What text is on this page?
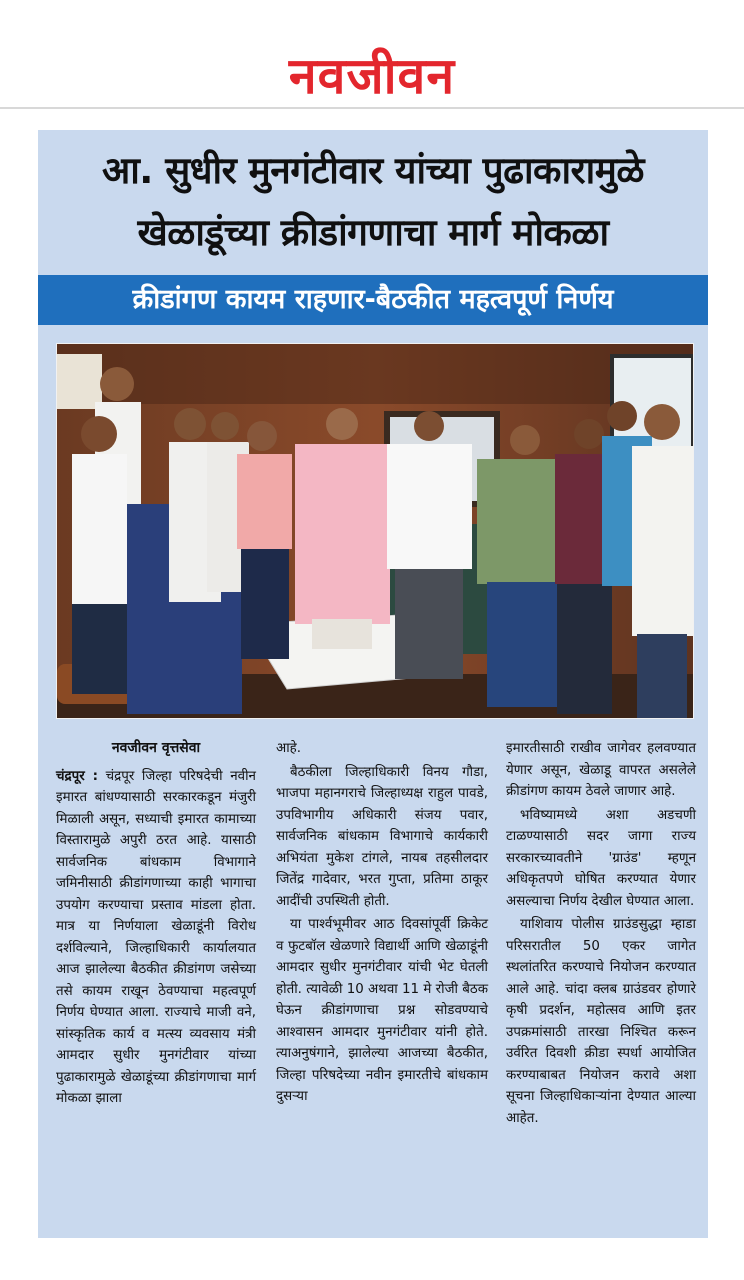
नवजीवन
आ. सुधीर मुनगंटीवार यांच्या पुढाकारामुळे
खेळाडूंच्या क्रीडांगणाचा मार्ग मोकळा
क्रीडांगण कायम राहणार-बैठकीत महत्वपूर्ण निर्णय
नवजीवन वृत्तसेवा

चंद्रपूर : चंद्रपूर जिल्हा परिषदेची नवीन इमारत बांधण्यासाठी सरकारकडून मंजुरी मिळाली असून, सध्याची इमारत कामाच्या विस्तारामुळे अपुरी ठरत आहे. यासाठी सार्वजनिक बांधकाम विभागाने जमिनीसाठी क्रीडांगणाच्या काही भागाचा उपयोग करण्याचा प्रस्ताव मांडला होता. मात्र या निर्णयाला खेळाडूंनी विरोध दर्शविल्याने, जिल्हाधिकारी कार्यालयात आज झालेल्या बैठकीत क्रीडांगण जसेच्या तसे कायम राखून ठेवण्याचा महत्वपूर्ण निर्णय घेण्यात आला. राज्याचे माजी वने, सांस्कृतिक कार्य व मत्स्य व्यवसाय मंत्री आमदार सुधीर मुनगंटीवार यांच्या पुढाकारामुळे खेळाडूंच्या क्रीडांगणाचा मार्ग मोकळा झाला

आहे.

बैठकीला जिल्हाधिकारी विनय गौडा, भाजपा महानगराचे जिल्हाध्यक्ष राहुल पावडे, उपविभागीय अधिकारी संजय पवार, सार्वजनिक बांधकाम विभागाचे कार्यकारी अभियंता मुकेश टांगले, नायब तहसीलदार जितेंद्र गादेवार, भरत गुप्ता, प्रतिमा ठाकूर आदींची उपस्थिती होती.

या पार्श्वभूमीवर आठ दिवसांपूर्वी क्रिकेट व फुटबॉल खेळणारे विद्यार्थी आणि खेळाडूंनी आमदार सुधीर मुनगंटीवार यांची भेट घेतली होती. त्यावेळी 10 अथवा 11 मे रोजी बैठक घेऊन क्रीडांगणाचा प्रश्न सोडवण्याचे आश्वासन आमदार मुनगंटीवार यांनी होते. त्याअनुषंगाने, झालेल्या आजच्या बैठकीत, जिल्हा परिषदेच्या नवीन इमारतीचे बांधकाम दुसऱ्या

इमारतीसाठी राखीव जागेवर हलवण्यात येणार असून, खेळाडू वापरत असलेले क्रीडांगण कायम ठेवले जाणार आहे.

भविष्यामध्ये अशा अडचणी टाळण्यासाठी सदर जागा राज्य सरकारच्यावतीने 'ग्राउंड' म्हणून अधिकृतपणे घोषित करण्यात येणार असल्याचा निर्णय देखील घेण्यात आला.

याशिवाय पोलीस ग्राउंडसुद्धा म्हाडा परिसरातील 50 एकर जागेत स्थलांतरित करण्याचे नियोजन करण्यात आले आहे. चांदा क्लब ग्राउंडवर होणारे कृषी प्रदर्शन, महोत्सव आणि इतर उपक्रमांसाठी तारखा निश्चित करून उर्वरित दिवशी क्रीडा स्पर्धा आयोजित करण्याबाबत नियोजन करावे अशा सूचना जिल्हाधिकाऱ्यांना देण्यात आल्या आहेत.
